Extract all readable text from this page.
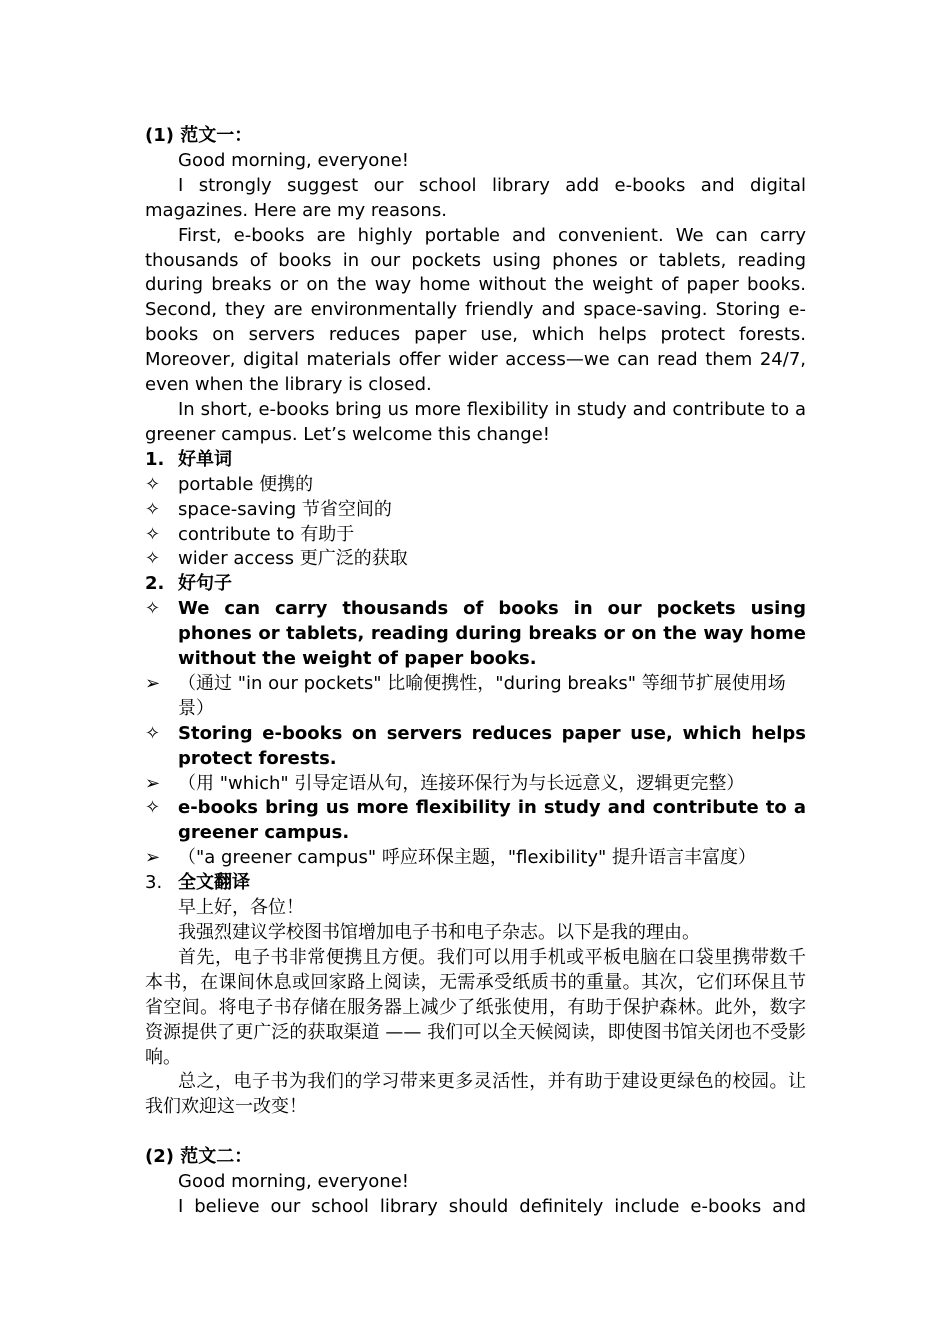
(1) 范文一：

Good morning, everyone!

I strongly suggest our school library add e-books and digital magazines. Here are my reasons.

First, e-books are highly portable and convenient. We can carry thousands of books in our pockets using phones or tablets, reading during breaks or on the way home without the weight of paper books. Second, they are environmentally friendly and space-saving. Storing e-books on servers reduces paper use, which helps protect forests. Moreover, digital materials offer wider access—we can read them 24/7, even when the library is closed.

In short, e-books bring us more flexibility in study and contribute to a greener campus. Let’s welcome this change!

1. 好单词
✧ portable 便携的
✧ space-saving 节省空间的
✧ contribute to 有助于
✧ wider access 更广泛的获取
2. 好句子
✧ We can carry thousands of books in our pockets using phones or tablets, reading during breaks or on the way home without the weight of paper books.
➢ （通过 "in our pockets" 比喻便携性，"during breaks" 等细节扩展使用场景）
✧ Storing e-books on servers reduces paper use, which helps protect forests.
➢ （用 "which" 引导定语从句，连接环保行为与长远意义，逻辑更完整）
✧ e-books bring us more flexibility in study and contribute to a greener campus.
➢ （"a greener campus" 呼应环保主题，"flexibility" 提升语言丰富度）
3. 全文翻译

早上好，各位！

我强烈建议学校图书馆增加电子书和电子杂志。以下是我的理由。

首先，电子书非常便携且方便。我们可以用手机或平板电脑在口袋里携带数千本书，在课间休息或回家路上阅读，无需承受纸质书的重量。其次，它们环保且节省空间。将电子书存储在服务器上减少了纸张使用，有助于保护森林。此外，数字资源提供了更广泛的获取渠道 —— 我们可以全天候阅读，即使图书馆关闭也不受影响。

总之，电子书为我们的学习带来更多灵活性，并有助于建设更绿色的校园。让我们欢迎这一改变！

(2) 范文二：

Good morning, everyone!

I believe our school library should definitely include e-books and
